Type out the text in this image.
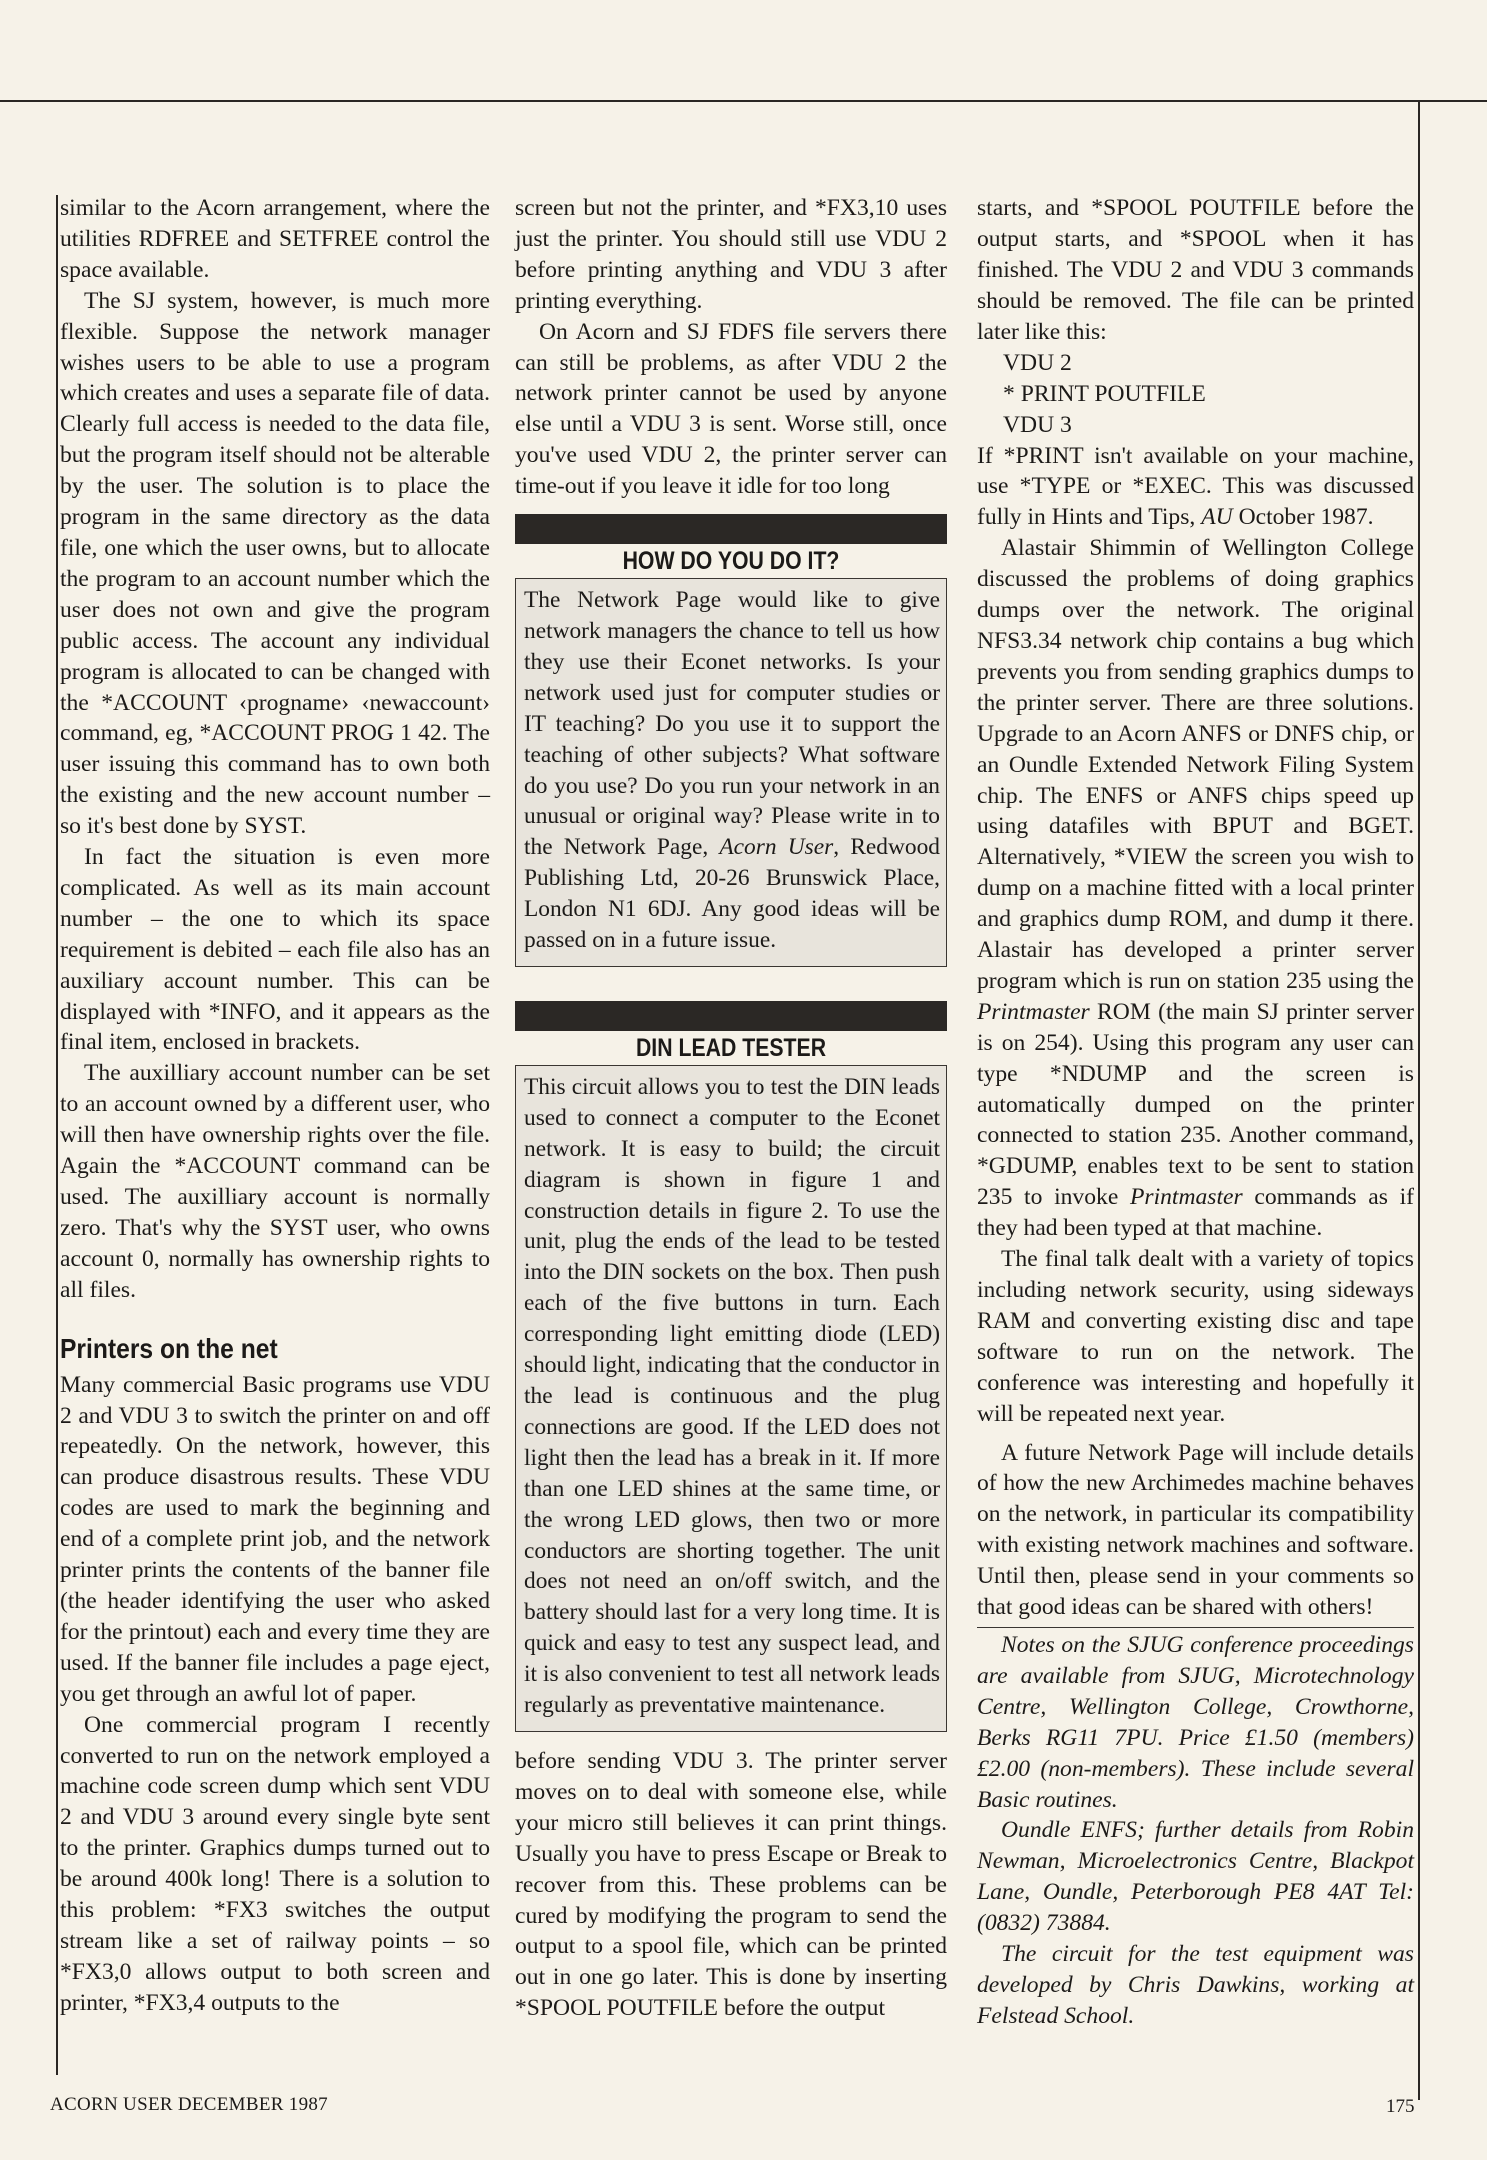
similar to the Acorn arrangement, where the utilities RDFREE and SETFREE control the space available.

The SJ system, however, is much more flexible. Suppose the network manager wishes users to be able to use a program which creates and uses a separate file of data. Clearly full access is needed to the data file, but the program itself should not be alterable by the user. The solution is to place the program in the same directory as the data file, one which the user owns, but to allocate the program to an account number which the user does not own and give the program public access. The account any individual program is allocated to can be changed with the *ACCOUNT ‹progname› ‹newaccount› command, eg, *ACCOUNT PROG 1 42. The user issuing this command has to own both the existing and the new account number – so it's best done by SYST.

In fact the situation is even more complicated. As well as its main account number – the one to which its space requirement is debited – each file also has an auxiliary account number. This can be displayed with *INFO, and it appears as the final item, enclosed in brackets.

The auxilliary account number can be set to an account owned by a different user, who will then have ownership rights over the file. Again the *ACCOUNT command can be used. The auxilliary account is normally zero. That's why the SYST user, who owns account 0, normally has ownership rights to all files.

Printers on the net

Many commercial Basic programs use VDU 2 and VDU 3 to switch the printer on and off repeatedly. On the network, however, this can produce disastrous results. These VDU codes are used to mark the beginning and end of a complete print job, and the network printer prints the contents of the banner file (the header identifying the user who asked for the printout) each and every time they are used. If the banner file includes a page eject, you get through an awful lot of paper.

One commercial program I recently converted to run on the network employed a machine code screen dump which sent VDU 2 and VDU 3 around every single byte sent to the printer. Graphics dumps turned out to be around 400k long! There is a solution to this problem: *FX3 switches the output stream like a set of railway points – so *FX3,0 allows output to both screen and printer, *FX3,4 outputs to the

screen but not the printer, and *FX3,10 uses just the printer. You should still use VDU 2 before printing anything and VDU 3 after printing everything.

On Acorn and SJ FDFS file servers there can still be problems, as after VDU 2 the network printer cannot be used by anyone else until a VDU 3 is sent. Worse still, once you've used VDU 2, the printer server can time-out if you leave it idle for too long

HOW DO YOU DO IT?
The Network Page would like to give network managers the chance to tell us how they use their Econet networks. Is your network used just for computer studies or IT teaching? Do you use it to support the teaching of other subjects? What software do you use? Do you run your network in an unusual or original way? Please write in to the Network Page, Acorn User, Redwood Publishing Ltd, 20-26 Brunswick Place, London N1 6DJ. Any good ideas will be passed on in a future issue.
DIN LEAD TESTER
This circuit allows you to test the DIN leads used to connect a computer to the Econet network. It is easy to build; the circuit diagram is shown in figure 1 and construction details in figure 2. To use the unit, plug the ends of the lead to be tested into the DIN sockets on the box. Then push each of the five buttons in turn. Each corresponding light emitting diode (LED) should light, indicating that the conductor in the lead is continuous and the plug connections are good. If the LED does not light then the lead has a break in it. If more than one LED shines at the same time, or the wrong LED glows, then two or more conductors are shorting together. The unit does not need an on/off switch, and the battery should last for a very long time. It is quick and easy to test any suspect lead, and it is also convenient to test all network leads regularly as preventative maintenance.

before sending VDU 3. The printer server moves on to deal with someone else, while your micro still believes it can print things. Usually you have to press Escape or Break to recover from this. These problems can be cured by modifying the program to send the output to a spool file, which can be printed out in one go later. This is done by inserting *SPOOL POUTFILE before the output

starts, and *SPOOL POUTFILE before the output starts, and *SPOOL when it has finished. The VDU 2 and VDU 3 commands should be removed. The file can be printed later like this:

VDU 2
* PRINT POUTFILE
VDU 3

If *PRINT isn't available on your machine, use *TYPE or *EXEC. This was discussed fully in Hints and Tips, AU October 1987.

Alastair Shimmin of Wellington College discussed the problems of doing graphics dumps over the network. The original NFS3.34 network chip contains a bug which prevents you from sending graphics dumps to the printer server. There are three solutions. Upgrade to an Acorn ANFS or DNFS chip, or an Oundle Extended Network Filing System chip. The ENFS or ANFS chips speed up using datafiles with BPUT and BGET. Alternatively, *VIEW the screen you wish to dump on a machine fitted with a local printer and graphics dump ROM, and dump it there. Alastair has developed a printer server program which is run on station 235 using the Printmaster ROM (the main SJ printer server is on 254). Using this program any user can type *NDUMP and the screen is automatically dumped on the printer connected to station 235. Another command, *GDUMP, enables text to be sent to station 235 to invoke Printmaster commands as if they had been typed at that machine.

The final talk dealt with a variety of topics including network security, using sideways RAM and converting existing disc and tape software to run on the network. The conference was interesting and hopefully it will be repeated next year.

A future Network Page will include details of how the new Archimedes machine behaves on the network, in particular its compatibility with existing network machines and software. Until then, please send in your comments so that good ideas can be shared with others!

Notes on the SJUG conference proceedings are available from SJUG, Microtechnology Centre, Wellington College, Crowthorne, Berks RG11 7PU. Price £1.50 (members) £2.00 (non-members). These include several Basic routines.

Oundle ENFS; further details from Robin Newman, Microelectronics Centre, Blackpot Lane, Oundle, Peterborough PE8 4AT Tel: (0832) 73884.

The circuit for the test equipment was developed by Chris Dawkins, working at Felstead School.

ACORN USER DECEMBER 1987	175
